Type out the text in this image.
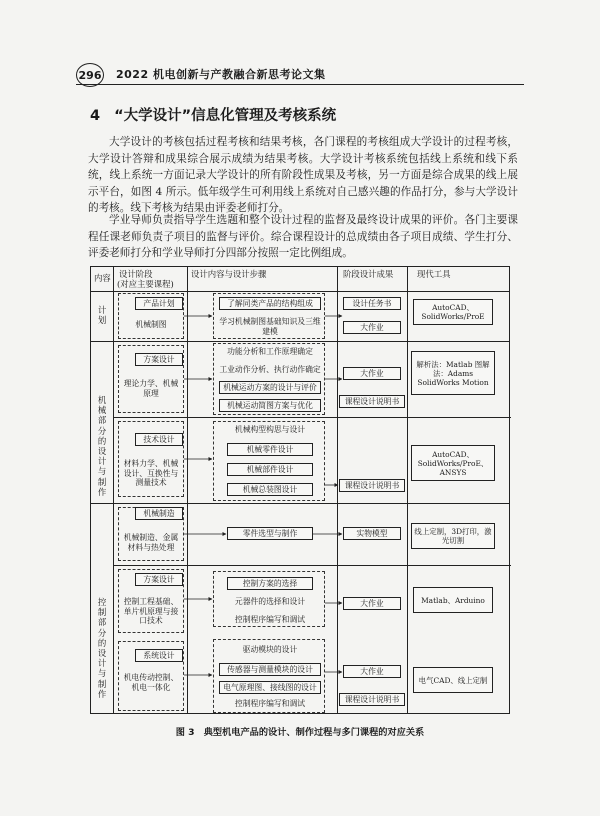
296 2022 机电创新与产教融合新思考论文集
4 “大学设计”信息化管理及考核系统
大学设计的考核包括过程考核和结果考核，各门课程的考核组成大学设计的过程考核，大学设计答辩和成果综合展示成绩为结果考核。大学设计考核系统包括线上系统和线下系统，线上系统一方面记录大学设计的所有阶段性成果及考核，另一方面是综合成果的线上展示平台，如图 4 所示。低年级学生可利用线上系统对自己感兴趣的作品打分，参与大学设计的考核。线下考核为结果由评委老师打分。
学业导师负责指导学生选题和整个设计过程的监督及最终设计成果的评价。各门主要课程任课老师负责子项目的监督与评价。综合课程设计的总成绩由各子项目成绩、学生打分、评委老师打分和学业导师打分四部分按照一定比例组成。
内容 设计阶段
(对应主要课程)
设计内容与设计步骤	阶段设计成果	现代工具
计划
机械部分的设计与制作
控制部分的设计与制作
产品计划
机械制图
方案设计
理论力学、机械原理
技术设计
材料力学、机械设计、互换性与测量技术
机械制造
机械制造、金属材料与热处理
方案设计
控制工程基础、单片机原理与接口技术
系统设计
机电传动控制、机电一体化
了解同类产品的结构组成
学习机械制图基础知识及三维建模
功能分析和工作原理确定
工业动作分析、执行动作确定
机械运动方案的设计与评价
机械运动简图方案与优化
机械构型构思与设计
机械零件设计
机械部件设计
机械总装图设计
零件选型与制作
控制方案的选择
元器件的选择和设计
控制程序编写和调试
驱动模块的设计
传感器与测量模块的设计
电气原理图、接线图的设计
控制程序编写和调试
设计任务书
大作业
大作业
课程设计说明书
课程设计说明书
实物模型
大作业
大作业
课程设计说明书
AutoCAD、SolidWorks/ProE
解析法：Matlab 图解法：Adams SolidWorks Motion
AutoCAD、SolidWorks/ProE、ANSYS
线上定制，3D打印，激光切割
Matlab、Arduino
电气CAD、线上定制
图 3　典型机电产品的设计、制作过程与多门课程的对应关系
